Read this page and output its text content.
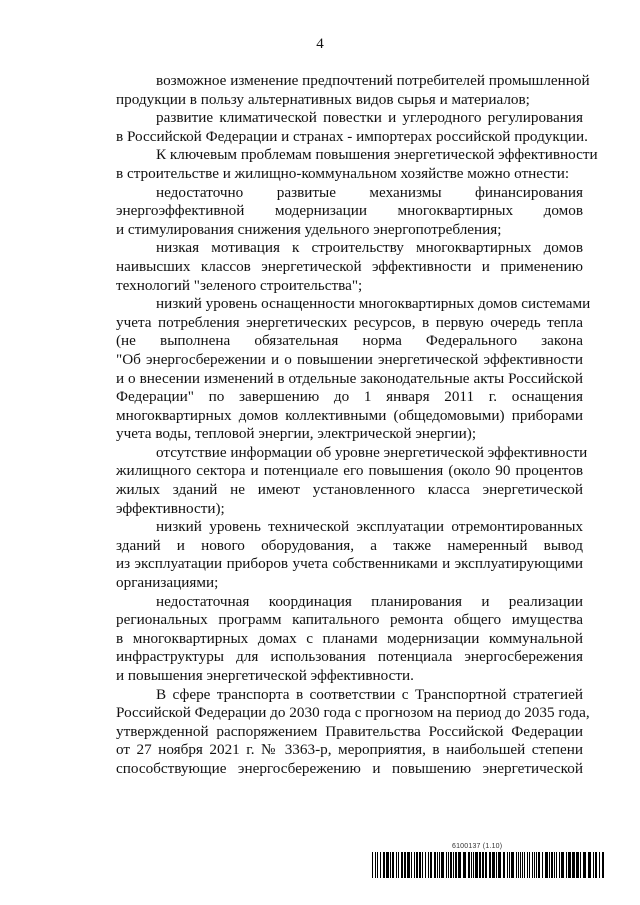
4
возможное изменение предпочтений потребителей промышленной
продукции в пользу альтернативных видов сырья и материалов;
развитие климатической повестки и углеродного регулирования
в Российской Федерации и странах - импортерах российской продукции.
К ключевым проблемам повышения энергетической эффективности
в строительстве и жилищно-коммунальном хозяйстве можно отнести:
недостаточно развитые механизмы финансирования
энергоэффективной модернизации многоквартирных домов
и стимулирования снижения удельного энергопотребления;
низкая мотивация к строительству многоквартирных домов
наивысших классов энергетической эффективности и применению
технологий "зеленого строительства";
низкий уровень оснащенности многоквартирных домов системами
учета потребления энергетических ресурсов, в первую очередь тепла
(не выполнена обязательная норма Федерального закона
"Об энергосбережении и о повышении энергетической эффективности
и о внесении изменений в отдельные законодательные акты Российской
Федерации" по завершению до 1 января 2011 г. оснащения
многоквартирных домов коллективными (общедомовыми) приборами
учета воды, тепловой энергии, электрической энергии);
отсутствие информации об уровне энергетической эффективности
жилищного сектора и потенциале его повышения (около 90 процентов
жилых зданий не имеют установленного класса энергетической
эффективности);
низкий уровень технической эксплуатации отремонтированных
зданий и нового оборудования, а также намеренный вывод
из эксплуатации приборов учета собственниками и эксплуатирующими
организациями;
недостаточная координация планирования и реализации
региональных программ капитального ремонта общего имущества
в многоквартирных домах с планами модернизации коммунальной
инфраструктуры для использования потенциала энергосбережения
и повышения энергетической эффективности.
В сфере транспорта в соответствии с Транспортной стратегией
Российской Федерации до 2030 года с прогнозом на период до 2035 года,
утвержденной распоряжением Правительства Российской Федерации
от 27 ноября 2021 г. № 3363-р, мероприятия, в наибольшей степени
способствующие энергосбережению и повышению энергетической
6100137 (1.10)
